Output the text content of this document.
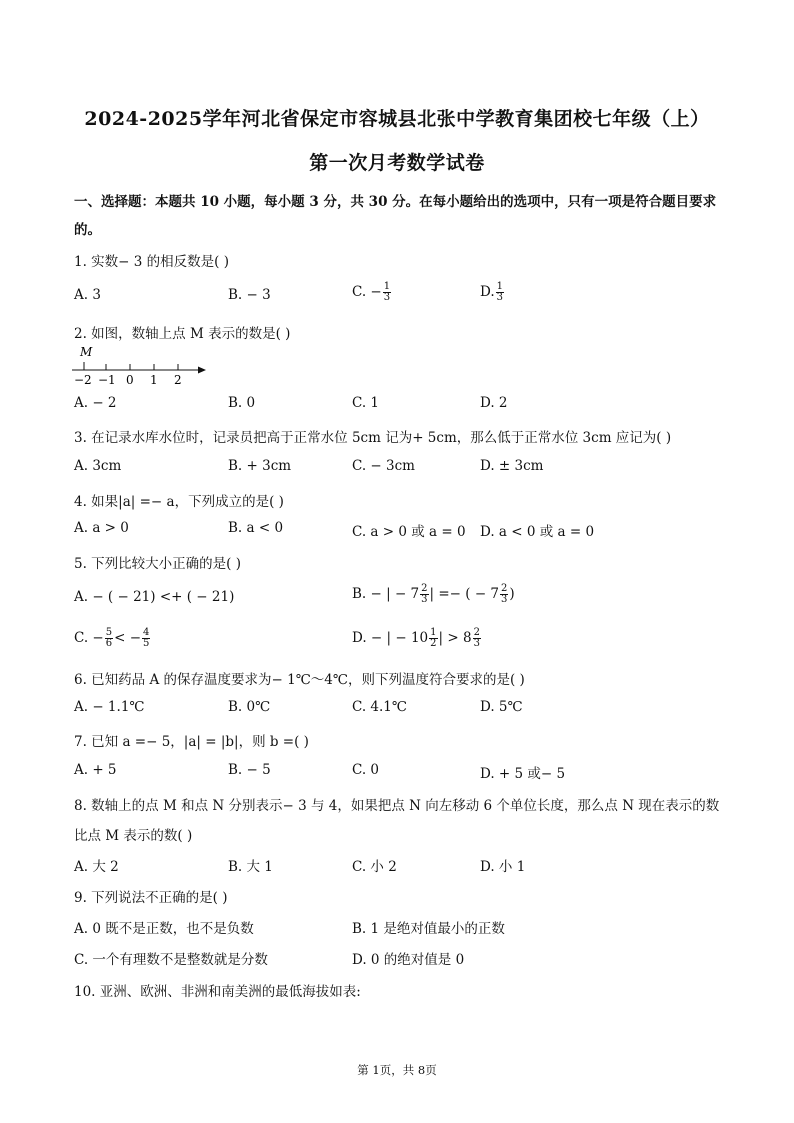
2024-2025学年河北省保定市容城县北张中学教育集团校七年级（上）
第一次月考数学试卷
一、选择题：本题共 10 小题，每小题 3 分，共 30 分。在每小题给出的选项中，只有一项是符合题目要求
的。
1. 实数− 3 的相反数是( )
A. 3	B. − 3	C. − $\frac{1}{3}$	D. $\frac{1}{3}$
2. 如图，数轴上点 M 表示的数是( )
M
−2 −1 0 1 2
A. − 2	B. 0	C. 1	D. 2
3. 在记录水库水位时，记录员把高于正常水位 5cm 记为+ 5cm，那么低于正常水位 3cm 应记为( )
A. 3cm	B. + 3cm	C. − 3cm	D. ± 3cm
4. 如果|a| =− a，下列成立的是( )
A. a > 0	B. a < 0	C. a > 0 或 a = 0 D. a < 0 或 a = 0
5. 下列比较大小正确的是( )
A. − ( − 21) <+ ( − 21)	B. − | − $7 \frac{2}{3}$ | =− ( − $7 \frac{2}{3}$ )
C. − $\frac{5}{6}$ < − $\frac{4}{5}$	D. − | − $10 \frac{1}{2}$ | > $8 \frac{2}{3}$
6. 已知药品 A 的保存温度要求为− 1℃～4℃，则下列温度符合要求的是( )
A. − 1.1℃	B. 0℃	C. 4.1℃	D. 5℃
7. 已知 a =− 5，|a| = |b|，则 b =( )
A. + 5	B. − 5	C. 0	D. + 5 或− 5
8. 数轴上的点 M 和点 N 分别表示− 3 与 4，如果把点 N 向左移动 6 个单位长度，那么点 N 现在表示的数
比点 M 表示的数( )
A. 大 2	B. 大 1	C. 小 2	D. 小 1
9. 下列说法不正确的是( )
A. 0 既不是正数，也不是负数	B. 1 是绝对值最小的正数
C. 一个有理数不是整数就是分数	D. 0 的绝对值是 0
10. 亚洲、欧洲、非洲和南美洲的最低海拔如表:
第 1页，共 8页
